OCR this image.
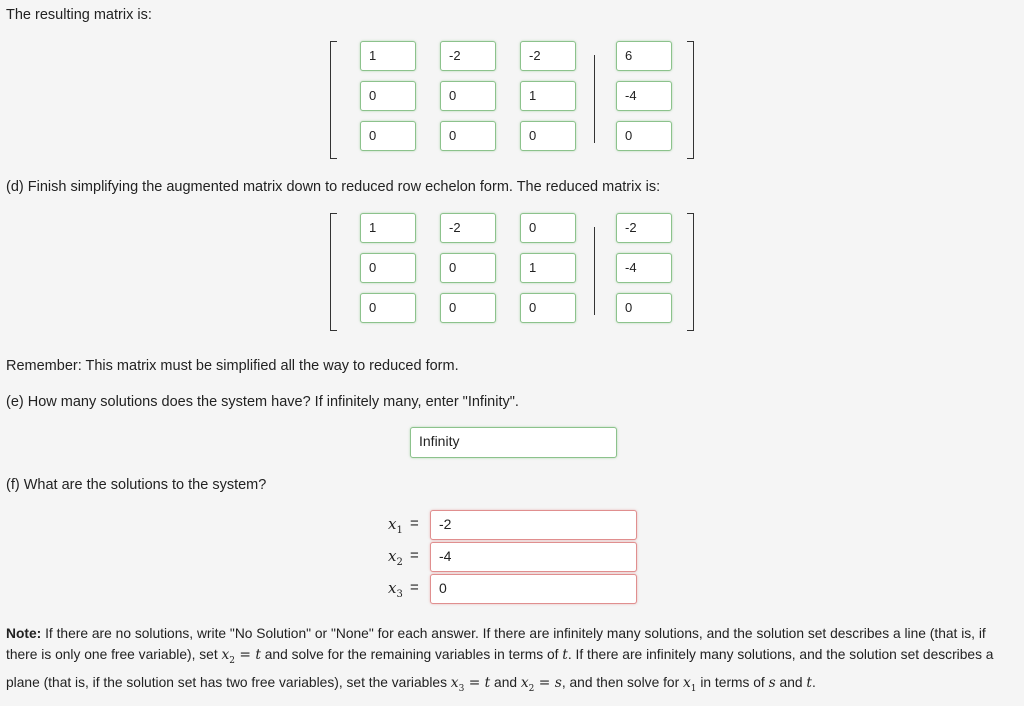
The resulting matrix is:
1	-2	-2	6
0	0	1	-4
0	0	0	0
(d) Finish simplifying the augmented matrix down to reduced row echelon form. The reduced matrix is:
1	-2	0	-2
0	0	1	-4
0	0	0	0
Remember: This matrix must be simplified all the way to reduced form.
(e) How many solutions does the system have? If infinitely many, enter "Infinity".
Infinity
(f) What are the solutions to the system?
$x_1$ =	-2
$x_2$ =	-4
$x_3$ =	0
Note: If there are no solutions, write "No Solution" or "None" for each answer. If there are infinitely many solutions, and the solution set describes a line (that is, if there is only one free variable), set $x_2 = t$ and solve for the remaining variables in terms of t. If there are infinitely many solutions, and the solution set describes a plane (that is, if the solution set has two free variables), set the variables $x_3 = t$ and $x_2 = s$, and then solve for $x_1$ in terms of s and t.
